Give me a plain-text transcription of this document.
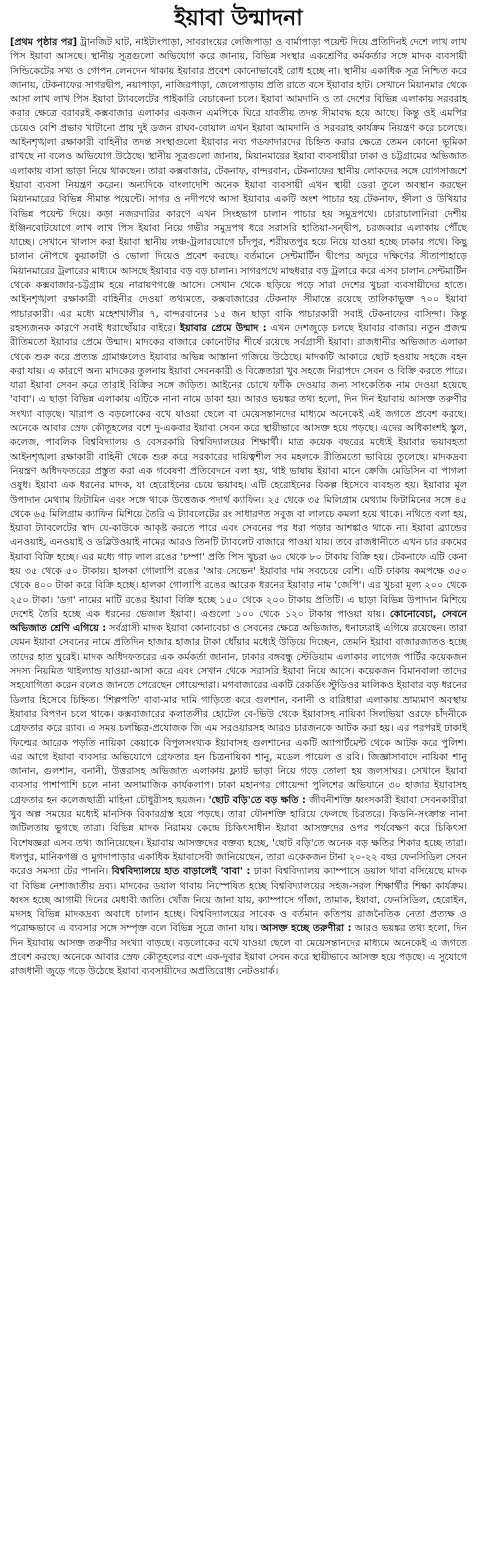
ইয়াবা উন্মাদনা
[প্রথম পৃষ্ঠার পর] ট্রানজিট ঘাট, নাইট্যংপাড়া, সাবরাংয়ের লেজিপাড়া ও বার্মাপাড়া পয়েন্ট দিয়ে প্রতিদিনই দেশে লাখ লাখ পিস ইয়াবা আসছে। স্থানীয় সূত্রগুলো অভিযোগ করে জানায়, বিভিন্ন সংস্থার একশ্রেণির কর্মকর্তার সঙ্গে মাদক ব্যবসায়ী সিন্ডিকেটের সখ্য ও গোপন লেনদেন থাকায় ইয়াবার প্রবেশ কোনোভাবেই রোধ হচ্ছে না। স্থানীয় একাধিক সূত্র নিশ্চিত করে জানায়, টেকনাফের সাগরদ্বীপ, নয়াপাড়া, নাজিরপাড়া, জেলেপাড়ায় প্রতি রাতে বসে ইয়াবার হাট। সেখানে মিয়ানমার থেকে আসা লাখ লাখ পিস ইয়াবা ট্যাবলেটের পাইকারি বেচাকেনা চলে। ইয়াবা আমদানি ও তা দেশের বিভিন্ন এলাকায় সরবরাহ করার ক্ষেত্রে বরাবরই কক্সবাজার এলাকার একজন এমপিকে ঘিরে যাবতীয় তদন্ত সীমাবদ্ধ হয়ে আছে। কিন্তু ওই এমপির চেয়েও বেশি প্রভাব খাটানো প্রায় দুই ডজন রাঘব-বোয়াল এখন ইয়াবা আমদানি ও সরবরাহ কার্যক্রম নিয়ন্ত্রণ করে চলেছে। আইনশৃঙ্খলা রক্ষাকারী বাহিনীর তদন্ত সংস্থাগুলো ইয়াবার নব্য গডফাদারদের চিহ্নিত করার ক্ষেত্রে তেমন কোনো ভূমিকা রাখছে না বলেও অভিযোগ উঠেছে। স্থানীয় সূত্রগুলো জানায়, মিয়ানমারের ইয়াবা ব্যবসায়ীরা ঢাকা ও চট্টগ্রামের অভিজাত এলাকায় বাসা ভাড়া নিয়ে থাকছেন। তারা কক্সবাজার, টেকনাফ, বান্দরবান, টেকনাফের স্থানীয় লোকদের সঙ্গে যোগসাজশে ইয়াবা ব্যবসা নিয়ন্ত্রণ করেন। অন্যদিকে বাংলাদেশি অনেক ইয়াবা ব্যবসায়ী এখন স্থায়ী ডেরা তুলে অবস্থান করছেন মিয়ানমারের বিভিন্ন সীমান্ত পয়েন্টে। সাগর ও নদীপথে আসা ইয়াবার একটি অংশ পাচার হয় টেকনাফ, হ্নীলা ও উখিয়ার বিভিন্ন পয়েন্ট দিয়ে। কড়া নজরদারির কারণে এখন সিংহভাগ চালান পাচার হয় সমুদ্রপথে। চোরাচালানিরা দেশীয় ইঞ্জিনবোটযোগে লাখ লাখ পিস ইয়াবা নিয়ে গভীর সমুদ্রপথ ধরে সরাসরি হাতিয়া-সন্দ্বীপ, চরজব্বার এলাকায় পৌঁছে যাচ্ছে। সেখানে খালাস করা ইয়াবা স্থানীয় লঞ্চ-ট্রলারযোগে চাঁদপুর, শরীয়তপুর হয়ে নিয়ে যাওয়া হচ্ছে ঢাকার পথে। কিছু চালান নৌপথে কুয়াকাটা ও ভোলা দিয়েও প্রবেশ করছে। বর্তমানে সেন্টমার্টিন দ্বীপের অদূরে দক্ষিণের সীতাপাহাড়ে মিয়ানমারের ট্রলারের মাধ্যমে আসছে ইয়াবার বড় বড় চালান। সাগরপথে মাছধরার বড় ট্রলারে করে এসব চালান সেন্টমার্টিন থেকে কক্সবাজার-চট্টগ্রাম হয়ে নারায়ণগঞ্জে আসে। সেখান থেকে ছড়িয়ে পড়ে সারা দেশের খুচরা ব্যবসায়ীদের হাতে। আইনশৃঙ্খলা রক্ষাকারী বাহিনীর দেওয়া তথ্যমতে, কক্সবাজারের টেকনাফ সীমান্তে রয়েছে তালিকাভুক্ত ৭০০ ইয়াবা পাচারকারী। এর মধ্যে মহেশখালীর ৭, বান্দরবানের ১৫ জন ছাড়া বাকি পাচারকারী সবাই টেকনাফের বাসিন্দা। কিন্তু রহস্যজনক কারণে সবাই ধরাছোঁয়ার বাইরে। ইয়াবার প্রেমে উন্মাদ : এখন দেশজুড়ে চলছে ইয়াবার বাজার। নতুন প্রজন্ম রীতিমতো ইয়াবার প্রেমে উন্মাদ। মাদকের বাজারে কোনোটার শীর্ষে রয়েছে সর্বগ্রাসী ইয়াবা। রাজধানীর অভিজাত এলাকা থেকে শুরু করে প্রত্যন্ত গ্রামাঞ্চলেও ইয়াবার অভিন্ন আস্তানা গজিয়ে উঠেছে। মাদকটি আকারে ছোট হওয়ায় সহজে বহন করা যায়। এ কারণে অন্য মাদকের তুলনায় ইয়াবা সেবনকারী ও বিক্রেতারা খুব সহজে নিরাপদে সেবন ও বিক্রি করতে পারে। যারা ইয়াবা সেবন করে তারাই বিক্রির সঙ্গে জড়িত। আইনের চোখে ফাঁকি দেওয়ার জন্য সাংকেতিক নাম দেওয়া হয়েছে 'বাবা'। এ ছাড়া বিভিন্ন এলাকায় এটিকে নানা নামে ডাকা হয়। আরও ভয়ঙ্কর তথ্য হলো, দিন দিন ইয়াবায় আসক্ত তরুণীর সংখ্যা বাড়ছে। খারাপ ও বড়লোকের বখে যাওয়া ছেলে বা মেয়েসন্তানদের মাধ্যমে অনেকেই এই জগতে প্রবেশ করছে। অনেকে আবার স্রেফ কৌতূহলের বশে দু-একবার ইয়াবা সেবন করে স্থায়ীভাবে আসক্ত হয়ে পড়ছে। এদের অধিকাংশই স্কুল, কলেজ, পাবলিক বিশ্ববিদ্যালয় ও বেসরকারি বিশ্ববিদ্যালয়ের শিক্ষার্থী। মাত্র কয়েক বছরের মধ্যেই ইয়াবার ভয়াবহতা আইনশৃঙ্খলা রক্ষাকারী বাহিনী থেকে শুরু করে সরকারের দায়িত্বশীল সব মহলকে রীতিমতো ভাবিয়ে তুলেছে। মাদকদ্রব্য নিয়ন্ত্রণ অধিদফতরের প্রস্তুত করা এক গবেষণা প্রতিবেদনে বলা হয়, থাই ভাষায় ইয়াবা মানে ক্রেজি মেডিসিন বা পাগলা ওষুধ। ইয়াবা এক ধরনের মাদক, যা হেরোইনের চেয়ে ভয়াবহ। এটি হেরোইনের বিকল্প হিসেবে ব্যবহৃত হয়। ইয়াবার মূল উপাদান মেথ্যাম ফিটামিন এবং সঙ্গে থাকে উত্তেজক পদার্থ ক্যাফিন। ২৫ থেকে ৩৫ মিলিগ্রাম মেথ্যাম ফিটামিনের সঙ্গে ৪৫ থেকে ৬৫ মিলিগ্রাম ক্যাফিন মিশিয়ে তৈরি এ ট্যাবলেটের রং সাধারণত সবুজ বা লালচে কমলা হয়ে থাকে। নথিতে বলা হয়, ইয়াবা ট্যাবলেটের স্বাদ যে-কাউকে আকৃষ্ট করতে পারে এবং সেবনের পর ধরা পড়ার আশঙ্কাও থাকে না। ইয়াবা ব্র্যান্ডের এনওয়াই, এনওয়াই ও ডব্লিউওয়াই নামের আরও তিনটি ট্যাবলেট বাজারে পাওয়া যায়। তবে রাজধানীতে এখন চার রকমের ইয়াবা বিক্রি হচ্ছে। এর মধ্যে গাঢ় লাল রঙের 'চম্পা' প্রতি পিস খুচরা ৬০ থেকে ৮০ টাকায় বিক্রি হয়। টেকনাফে এটি কেনা হয় ৩৫ থেকে ৫০ টাকায়। হালকা গোলাপি রঙের 'আর সেভেন' ইয়াবার দাম সবচেয়ে বেশি। এটি ঢাকায় কমপক্ষে ৩৫০ থেকে ৪০০ টাকা করে বিক্রি হচ্ছে। হালকা গোলাপি রঙের আরেক ধরনের ইয়াবার নাম 'জেপি'। এর খুচরা মূল্য ২০০ থেকে ২৫০ টাকা। 'ডগ' নামের মাটি রঙের ইয়াবা বিক্রি হচ্ছে ১৫০ থেকে ২০০ টাকায় প্রতিটি। এ ছাড়া বিভিন্ন উপাদান মিশিয়ে দেশেই তৈরি হচ্ছে এক ধরনের ভেজাল ইয়াবা। এগুলো ১০০ থেকে ১২০ টাকায় পাওয়া যায়। কোনোবেচা, সেবনে অভিজাত শ্রেণি এগিয়ে : সর্বগ্রাসী মাদক ইয়াবা কোনাবেচা ও সেবনের ক্ষেত্রে অভিজাত, ধনাঢ্যরাই এগিয়ে রয়েছেন। তারা যেমন ইয়াবা সেবনের নামে প্রতিদিন হাজার হাজার টাকা ধোঁয়ার মধ্যেই উড়িয়ে দিচ্ছেন, তেমনি ইয়াবা বাজারজাতও হচ্ছে তাদের হাত ঘুরেই। মাদক অধিদফতরের এক কর্মকর্তা জানান, ঢাকার বঙ্গবন্ধু স্টেডিয়াম এলাকার লাগেজ পার্টির কয়েকজন সদস্য নিয়মিত থাইল্যান্ড যাওয়া-আসা করে এবং সেখান থেকে সরাসরি ইয়াবা নিয়ে আসে। কয়েকজন বিমানবালা তাদের সহযোগিতা করেন বলেও জানতে পেরেছেন গোয়েন্দারা। মগবাজারের একটি রেকর্ডিং স্টুডিওর মালিকও ইয়াবার বড় ধরনের ডিলার হিসেবে চিহ্নিত। 'শিল্পপতি' বাবা-মার দামি গাড়িতে করে গুলশান, বনানী ও বারিধারা এলাকায় ভ্রাম্যমাণ অবস্থায় ইয়াবার বিপণন চলে থাকে। কক্সবাজারের কলাতলীর হোটেল বে-ভিউ থেকে ইয়াবাসহ নায়িকা সিলভিয়া ওরফে চাঁদনীকে গ্রেফতার করে র‍্যাব। এ সময় চলচ্চিত্র-প্রযোজক জি এম সরওয়ারসহ আরও চারজনকে আটক করা হয়। এর পরপরই ঢাকাই ফিল্মের আরেক পড়তি নায়িকা কেয়াকে বিপুলসংখ্যক ইয়াবাসহ গুলশানের একটি অ্যাপার্টমেন্ট থেকে আটক করে পুলিশ। এর আগে ইয়াবা ব্যবসার অভিযোগে গ্রেফতার হন চিত্রনায়িকা শানু, মডেল পায়েল ও রবি। জিজ্ঞাসাবাদে নায়িকা শানু জানান, গুলশান, বনানী, উত্তরাসহ অভিজাত এলাকায় ফ্ল্যাট ভাড়া নিয়ে গড়ে তোলা হয় জলসাঘর। সেখানে ইয়াবা ব্যবসার পাশাপাশি চলে নানা অসামাজিক কার্যকলাপ। ঢাকা মহানগর গোয়েন্দা পুলিশের অভিযানে ৩০ হাজার ইয়াবাসহ গ্রেফতার হন কলেজছাত্রী মাহিনা চৌধুরীসহ ছয়জন। 'ছোট বড়ি'তে বড় ক্ষতি : জীবনীশক্তি ধ্বংসকারী ইয়াবা সেবনকারীরা খুব অল্প সময়ের মধ্যেই মানসিক বিকারগ্রস্ত হয়ে পড়ছে। তারা যৌনশক্তি হারিয়ে ফেলছে চিরতরে। কিডনি-সংক্রান্ত নানা জটিলতায় ভুগছে তারা। বিভিন্ন মাদক নিরাময় কেন্দ্রে চিকিৎসাধীন ইয়াবা আসক্তদের ওপর পর্যবেক্ষণ করে চিকিৎসা বিশেষজ্ঞরা এসব তথ্য জানিয়েছেন। ইয়াবায় আসক্তদের বক্তব্য হচ্ছে, 'ছোট বড়ি'তে অনেক বড় ক্ষতির শিকার হচ্ছে তারা। ধলপুর, মানিকগঞ্জ ও মুগদাপাড়ার একাধিক ইয়াবাসেবী জানিয়েছেন, তারা একেকজন টানা ২০-২২ বছর ফেনসিডিল সেবন করেও সমস্যা টের পাননি। বিশ্ববিদ্যালয়ে হাত বাড়ালেই 'বাবা' : ঢাকা বিশ্ববিদ্যালয় ক্যাম্পাসে ডয়াল থাবা বসিয়েছে মাদক বা বিভিন্ন নেশাজাতীয় দ্রব্য। মাদকের ডয়াল থাবায় নিস্পেষিত হচ্ছে বিশ্ববিদ্যালয়ের সহজ-সরল শিক্ষার্থীর শিক্ষা কার্যক্রম। ধ্বংস হচ্ছে আগামী দিনের মেধাবী জাতি। খোঁজ নিয়ে জানা যায়, ক্যাম্পাসে গাঁজা, তামাক, ইয়াবা, ফেনসিডিল, হেরোইন, মদসহ বিভিন্ন মাদকদ্রব্য অবাধে চালান হচ্ছে। বিশ্ববিদ্যালয়ের সাবেক ও বর্তমান কতিপয় রাজনৈতিক নেতা প্রত্যক্ষ ও পরোক্ষভাবে এ ব্যবসার সঙ্গে সম্পৃক্ত বলে বিভিন্ন সূত্রে জানা যায়। আসক্ত হচ্ছে তরুণীরা : আরও ভয়ঙ্কর তথ্য হলো, দিন দিন ইয়াবায় আসক্ত তরুণীর সংখ্যা বাড়ছে। বড়লোকের বখে যাওয়া ছেলে বা মেয়েসন্তানদের মাধ্যমে অনেকেই এ জগতে প্রবেশ করছে। অনেকে আবার স্রেফ কৌতূহলের বশে এক-দুবার ইয়াবা সেবন করে স্থায়ীভাবে আসক্ত হয়ে পড়ছে। এ সুযোগে রাজধানী জুড়ে গড়ে উঠেছে ইয়াবা ব্যবসায়ীদের অপ্রতিরোধ্য নেটওয়ার্ক।
